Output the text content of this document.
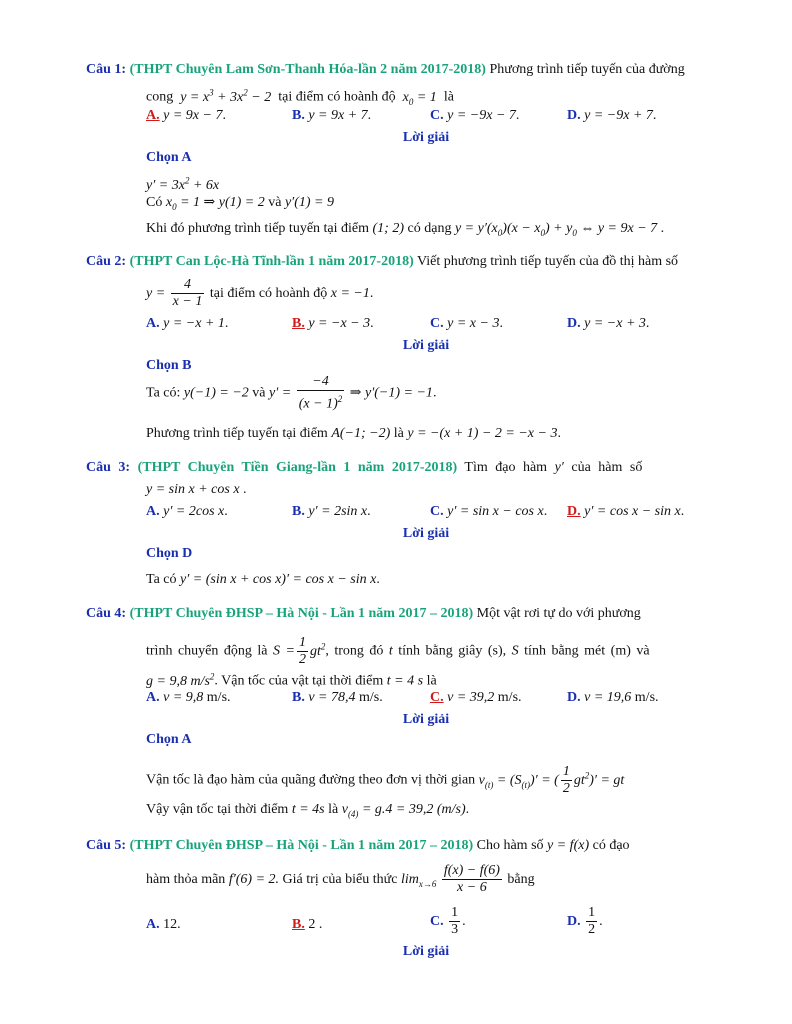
Câu 1: (THPT Chuyên Lam Sơn-Thanh Hóa-lần 2 năm 2017-2018) Phương trình tiếp tuyến của đường
cong $y = x^3 + 3x^2 - 2$ tại điểm có hoành độ $x_0 = 1$ là
A. y = 9x − 7.	B. y = 9x + 7.	C. y = −9x − 7.	D. y = −9x + 7.
Lời giải
Chọn A
$y' = 3x^2 + 6x$
Có $x_0 = 1$ ⇒ y(1) = 2 và y′(1) = 9
Khi đó phương trình tiếp tuyến tại điểm (1; 2) có dạng $y = y'(x_0)(x - x_0) + y_0$ ⇔ y = 9x − 7 .
Câu 2: (THPT Can Lộc-Hà Tĩnh-lần 1 năm 2017-2018) Viết phương trình tiếp tuyến của đồ thị hàm số
$y = \frac{4}{x - 1}$ tại điểm có hoành độ x = −1.
A. y = −x + 1.	B. y = −x − 3.	C. y = x − 3.	D. y = −x + 3.
Lời giải
Chọn B
Ta có: y(−1) = −2 và $y' = \frac{-4}{(x - 1)^2}$ ⇒ y′(−1) = −1.
Phương trình tiếp tuyến tại điểm A(−1; −2) là y = −(x + 1) − 2 = −x − 3.
Câu 3: (THPT Chuyên Tiền Giang-lần 1 năm 2017-2018) Tìm đạo hàm y′ của hàm số
y = sin x + cos x .
A. y′ = 2cos x.	B. y′ = 2sin x.	C. y′ = sin x − cos x. D. y′ = cos x − sin x.
Lời giải
Chọn D
Ta có y′ = (sin x + cos x)′ = cos x − sin x.
Câu 4: (THPT Chuyên ĐHSP – Hà Nội - Lần 1 năm 2017 – 2018) Một vật rơi tự do với phương
trình chuyển động là $S = \frac{1}{2} gt^2$, trong đó t tính bằng giây (s), S tính bằng mét (m) và
g = 9,8 $m/s^2$. Vận tốc của vật tại thời điểm t = 4 s là
A. v = 9,8 m/s.	B. v = 78,4 m/s.	C. v = 39,2 m/s.	D. v = 19,6 m/s.
Lời giải
Chọn A
Vận tốc là đạo hàm của quãng đường theo đơn vị thời gian $v_{(t)} = (S_{(t)})'$ = ( $\frac{1}{2} gt^2)'$ = gt
Vậy vận tốc tại thời điểm t = 4s là $v_{(4)} = g.4 = 39,2$ (m/s).
Câu 5: (THPT Chuyên ĐHSP – Hà Nội - Lần 1 năm 2017 – 2018) Cho hàm số y = f(x) có đạo
hàm thỏa mãn f′(6) = 2. Giá trị của biểu thức $\lim_{x\to 6} \frac{f(x) - f(6)}{x - 6}$ bằng
A. 12.	B. 2 .	C. $\frac{1}{3}$ .	D. $\frac{1}{2}$ .
Lời giải
